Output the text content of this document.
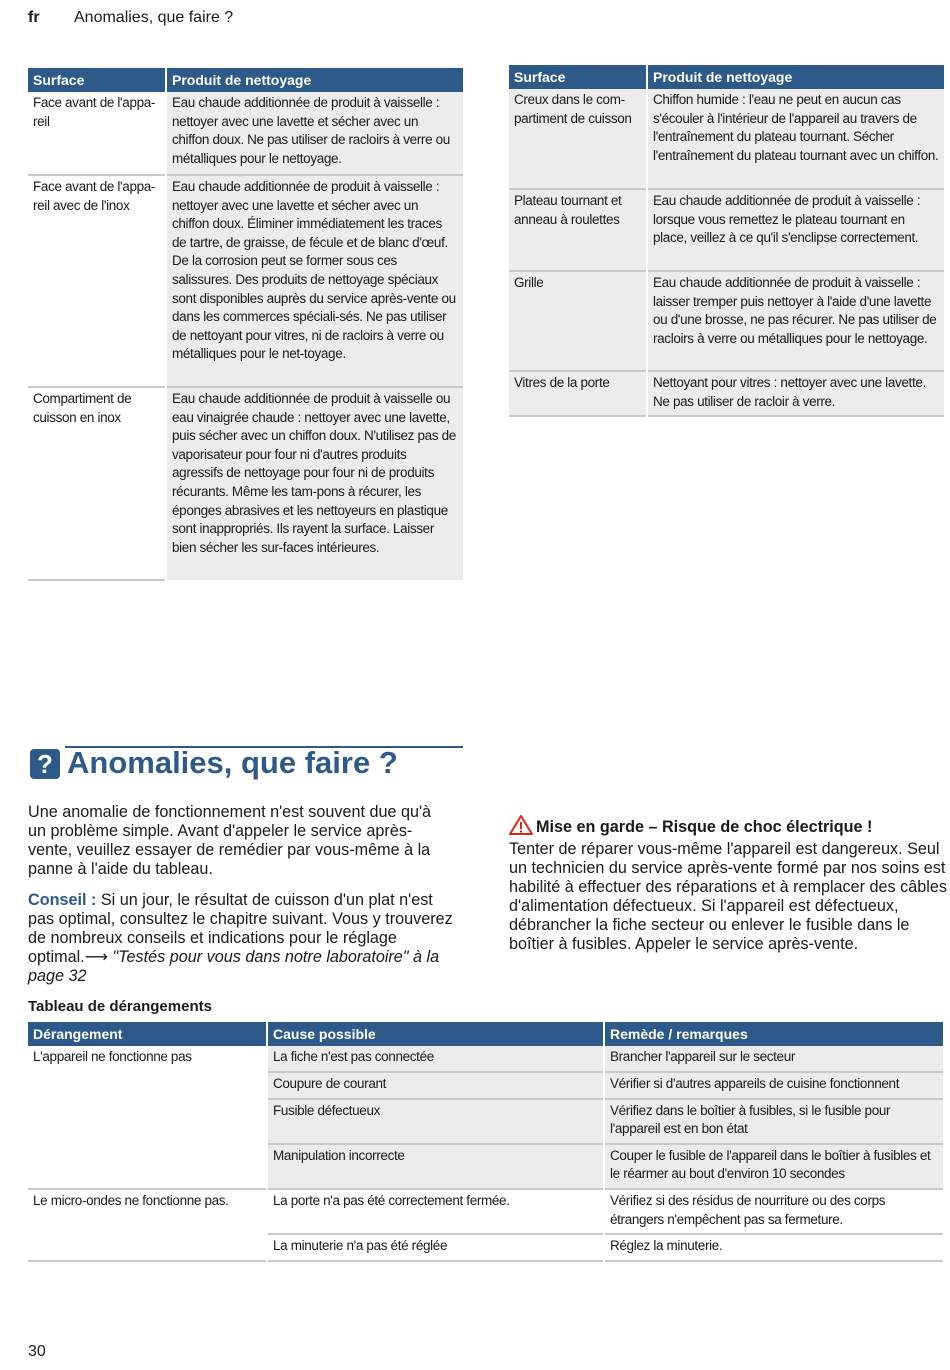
fr Anomalies, que faire ?
Surface		Produit de nettoyage
Face avant de l'appa-
reil		Eau chaude additionnée de produit à vaisselle : nettoyer avec une lavette et sécher avec un chiffon doux. Ne pas utiliser de racloirs à verre ou métalliques pour le nettoyage.
Face avant de l'appa-
reil avec de l'inox		Eau chaude additionnée de produit à vaisselle : nettoyer avec une lavette et sécher avec un chiffon doux. Éliminer immédiatement les traces de tartre, de graisse, de fécule et de blanc d'œuf. De la corrosion peut se former sous ces salissures. Des produits de nettoyage spéciaux sont disponibles auprès du service après-vente ou dans les commerces spéciali-sés. Ne pas utiliser de nettoyant pour vitres, ni de racloirs à verre ou métalliques pour le net-toyage.
Compartiment de
cuisson en inox		Eau chaude additionnée de produit à vaisselle ou eau vinaigrée chaude : nettoyer avec une lavette, puis sécher avec un chiffon doux. N'utilisez pas de vaporisateur pour four ni d'autres produits agressifs de nettoyage pour four ni de produits récurants. Même les tam-pons à récurer, les éponges abrasives et les nettoyeurs en plastique sont inappropriés. Ils rayent la surface. Laisser bien sécher les sur-faces intérieures.
Surface		Produit de nettoyage
Creux dans le com-
partiment de cuisson		Chiffon humide : l'eau ne peut en aucun cas s'écouler à l'intérieur de l'appareil au travers de l'entraînement du plateau tournant. Sécher l'entraînement du plateau tournant avec un chiffon.
Plateau tournant et
anneau à roulettes		Eau chaude additionnée de produit à vaisselle : lorsque vous remettez le plateau tournant en place, veillez à ce qu'il s'enclipse correctement.
Grille		Eau chaude additionnée de produit à vaisselle : laisser tremper puis nettoyer à l'aide d'une lavette ou d'une brosse, ne pas récurer. Ne pas utiliser de racloirs à verre ou métalliques pour le nettoyage.
Vitres de la porte		Nettoyant pour vitres : nettoyer avec une lavette. Ne pas utiliser de racloir à verre.
? Anomalies, que faire ?
Une anomalie de fonctionnement n'est souvent due qu'à un problème simple. Avant d'appeler le service après-vente, veuillez essayer de remédier par vous-même à la panne à l'aide du tableau.
Conseil : Si un jour, le résultat de cuisson d'un plat n'est pas optimal, consultez le chapitre suivant. Vous y trouverez de nombreux conseils et indications pour le réglage optimal.⟶ "Testés pour vous dans notre laboratoire" à la page 32
Mise en garde – Risque de choc électrique !
Tenter de réparer vous-même l'appareil est dangereux. Seul un technicien du service après-vente formé par nos soins est habilité à effectuer des réparations et à remplacer des câbles d'alimentation défectueux. Si l'appareil est défectueux, débrancher la fiche secteur ou enlever le fusible dans le boîtier à fusibles. Appeler le service après-vente.
Tableau de dérangements
Dérangement		Cause possible		Remède / remarques
L'appareil ne fonctionne pas		La fiche n'est pas connectée		Brancher l'appareil sur le secteur
		Coupure de courant		Vérifier si d'autres appareils de cuisine fonctionnent
		Fusible défectueux		Vérifiez dans le boîtier à fusibles, si le fusible pour l'appareil est en bon état
		Manipulation incorrecte		Couper le fusible de l'appareil dans le boîtier à fusibles et le réarmer au bout d'environ 10 secondes
Le micro-ondes ne fonctionne pas.		La porte n'a pas été correctement fermée.		Vérifiez si des résidus de nourriture ou des corps étrangers n'empêchent pas sa fermeture.
		La minuterie n'a pas été réglée		Réglez la minuterie.
30
